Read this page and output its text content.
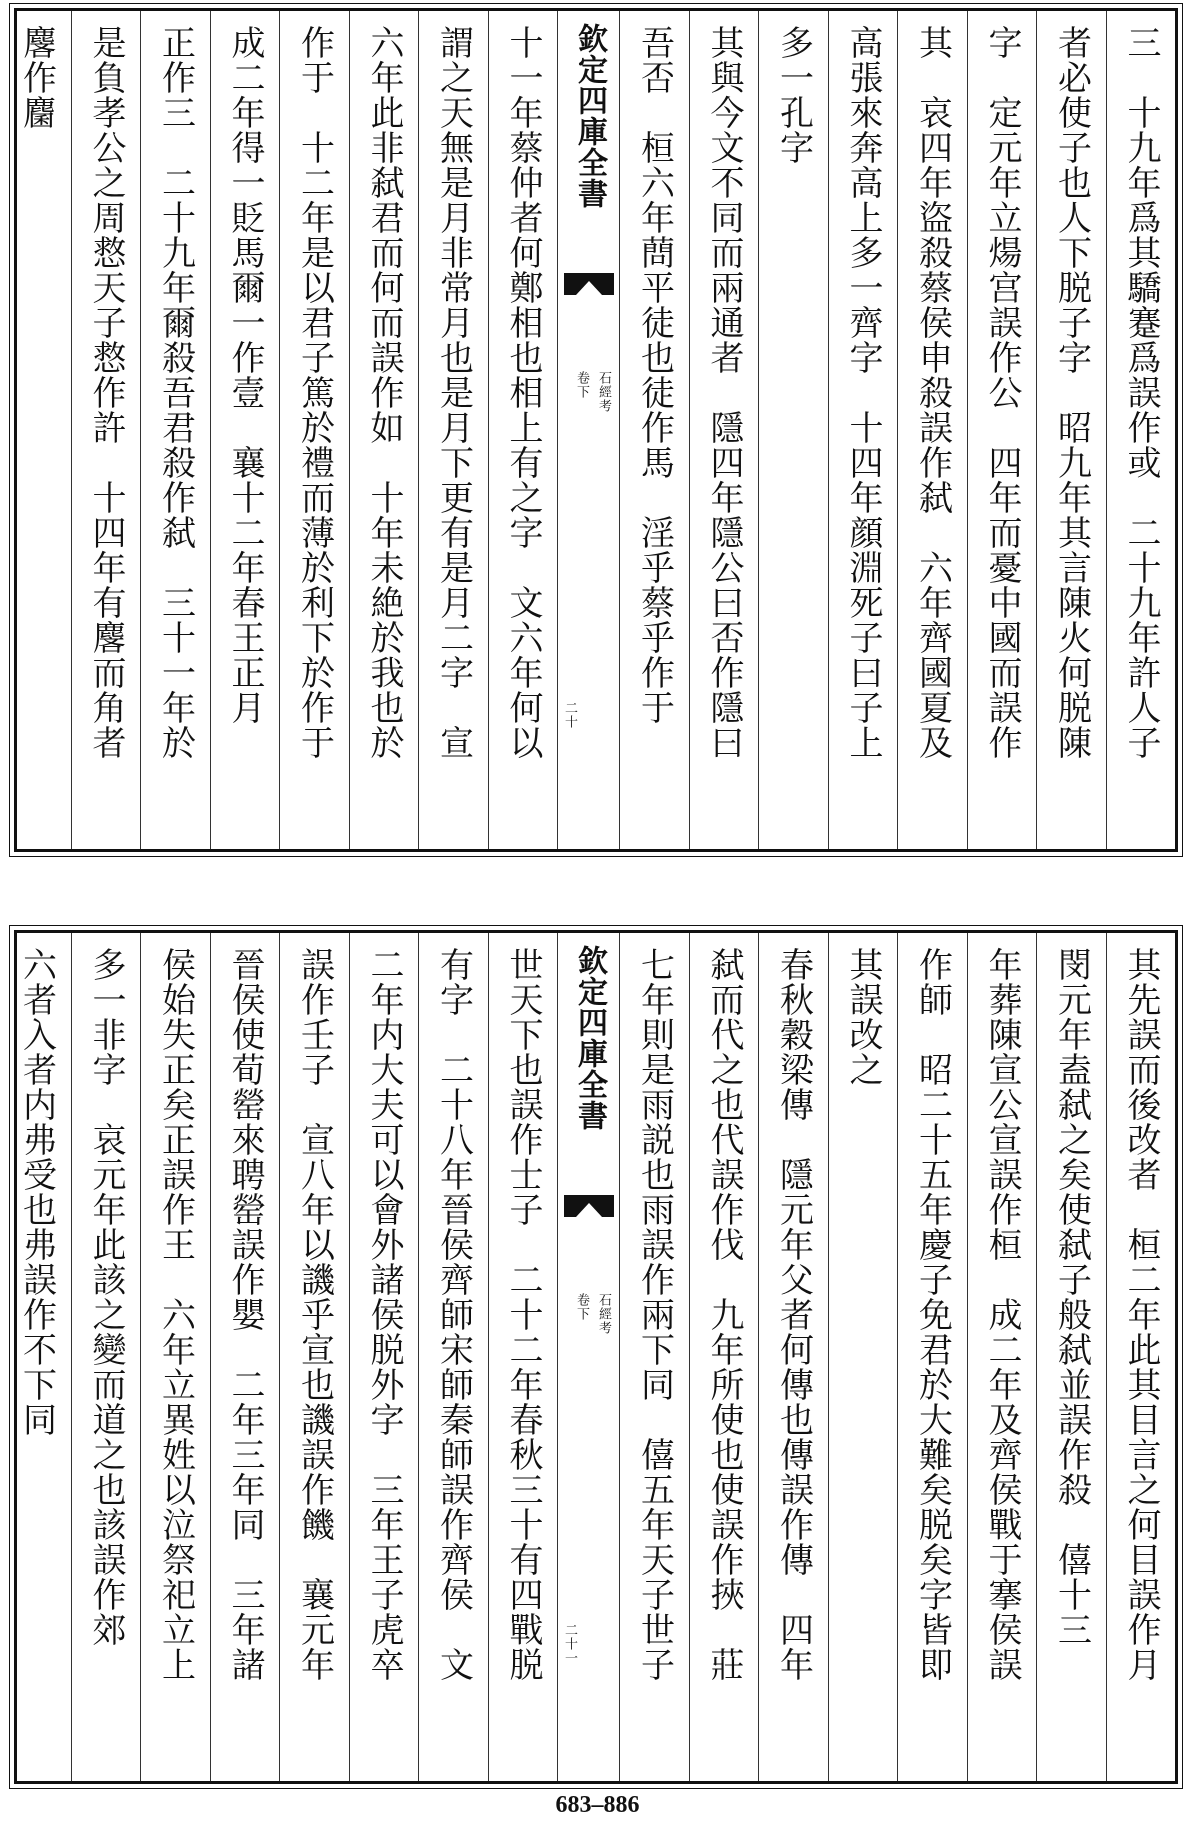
三　十九年爲其驕蹇爲誤作或　二十九年許人子
者必使子也人下脱子字　昭九年其言陳火何脱陳
字　定元年立煬宫誤作公　四年而憂中國而誤作
其　哀四年盜殺蔡侯申殺誤作弑　六年齊國夏及
高張來奔高上多一齊字　十四年顔淵死子曰子上
多一孔字
其與今文不同而兩通者　隱四年隱公曰否作隱曰
吾否　桓六年蔄平徒也徒作馬　淫乎蔡乎作于
欽定四庫全書
石經考
卷下
二十
十一年蔡仲者何鄭相也相上有之字　文六年何以
謂之天無是月非常月也是月下更有是月二字　宣
六年此非弑君而何而誤作如　十年未絶於我也於
作于　十二年是以君子篤於禮而薄於利下於作于
成二年得一貶馬爾一作壹　襄十二年春王正月
正作三　二十九年爾殺吾君殺作弑　三十一年於
是負孝公之周慦天子慦作許　十四年有麐而角者
麐作麕
其先誤而後改者　桓二年此其目言之何目誤作月
閔元年盍弑之矣使弑子般弑並誤作殺　僖十三
年葬陳宣公宣誤作桓　成二年及齊侯戰于搴侯誤
作師　昭二十五年慶子免君於大難矣脱矣字皆即
其誤改之
春秋穀梁傳　隱元年父者何傳也傳誤作傳　四年
弑而代之也代誤作伐　九年所使也使誤作挾　莊
七年則是雨説也雨誤作兩下同　僖五年天子世子
欽定四庫全書
石經考
卷下
二十一
世天下也誤作士子　二十二年春秋三十有四戰脱
有字　二十八年晉侯齊師宋師秦師誤作齊侯　文
二年内大夫可以會外諸侯脱外字　三年王子虎卒
誤作壬子　宣八年以譏乎宣也譏誤作饑　襄元年
晉侯使荀罃來聘罃誤作嬰　二年三年同　三年諸
侯始失正矣正誤作王　六年立異姓以泣祭祀立上
多一非字　哀元年此該之變而道之也該誤作郊
六者入者内弗受也弗誤作不下同
683–886
